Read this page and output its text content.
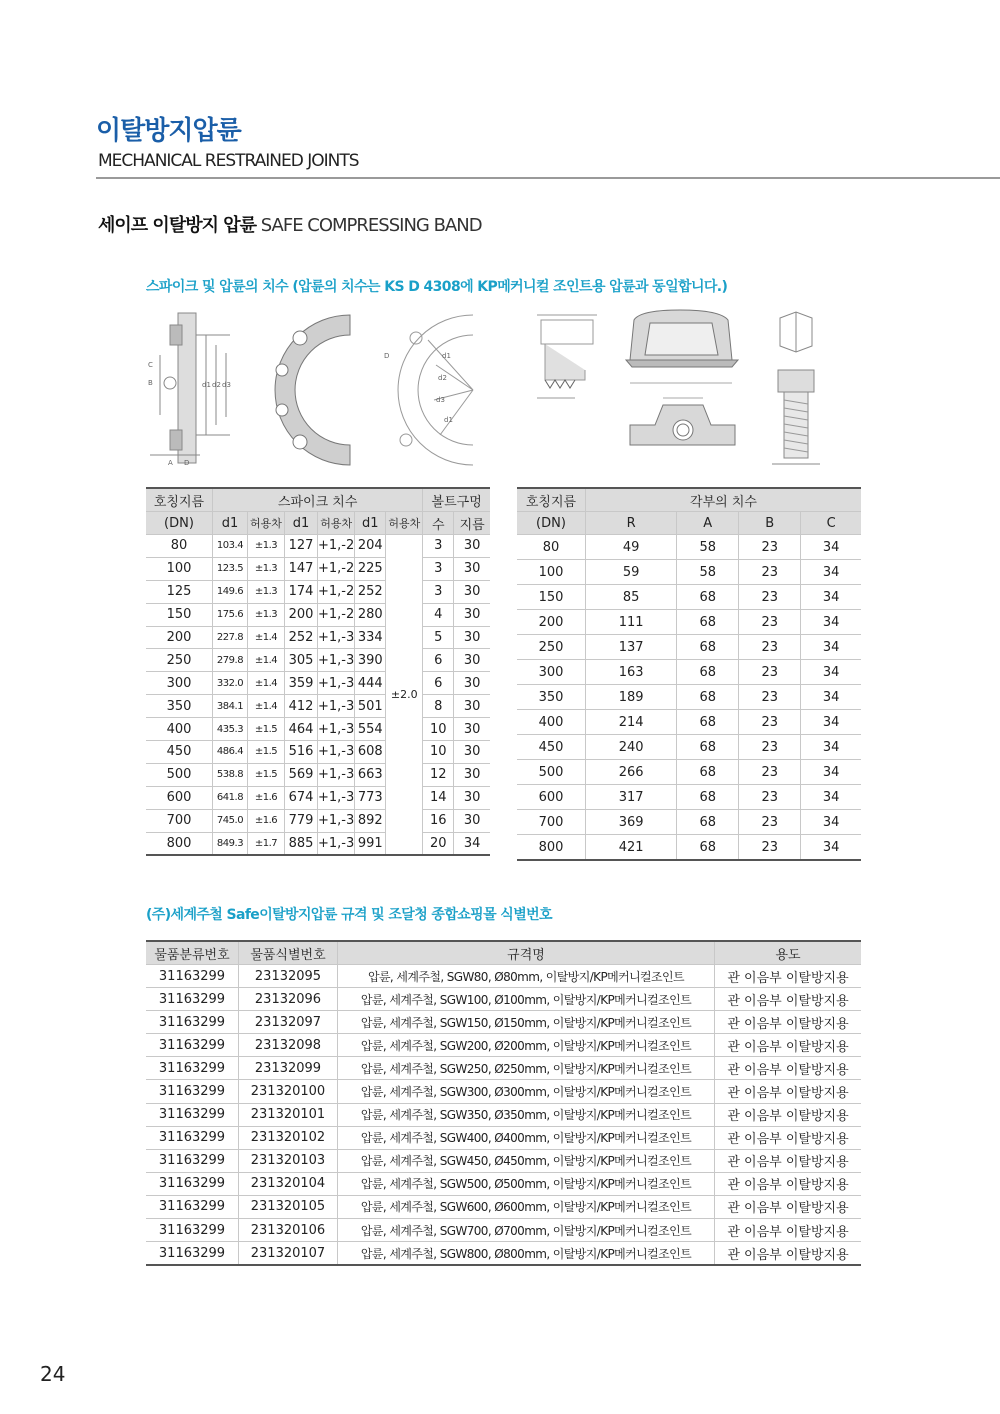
이탈방지압륜
MECHANICAL RESTRAINED JOINTS
세이프 이탈방지 압륜 SAFE COMPRESSING BAND
스파이크 및 압륜의 치수 (압륜의 치수는 KS D 4308에 KP메커니컬 조인트용 압륜과 동일합니다.)
C
B
A D
d1 d2 d3
D	d1
d2
d3
d1
호칭지름	스파이크 치수						볼트구멍	
(DN)	d1	허용차	d1	허용차	d1	허용차	수	지름
80	103.4	±1.3	127	+1,-2	204	±2.0	3	30
100	123.5	±1.3	147	+1,-2	225		3	30
125	149.6	±1.3	174	+1,-2	252		3	30
150	175.6	±1.3	200	+1,-2	280		4	30
200	227.8	±1.4	252	+1,-3	334		5	30
250	279.8	±1.4	305	+1,-3	390		6	30
300	332.0	±1.4	359	+1,-3	444		6	30
350	384.1	±1.4	412	+1,-3	501		8	30
400	435.3	±1.5	464	+1,-3	554		10	30
450	486.4	±1.5	516	+1,-3	608		10	30
500	538.8	±1.5	569	+1,-3	663		12	30
600	641.8	±1.6	674	+1,-3	773		14	30
700	745.0	±1.6	779	+1,-3	892		16	30
800	849.3	±1.7	885	+1,-3	991		20	34
호칭지름	각부의 치수			
(DN)	R	A	B	C
80	49	58	23	34
100	59	58	23	34
150	85	68	23	34
200	111	68	23	34
250	137	68	23	34
300	163	68	23	34
350	189	68	23	34
400	214	68	23	34
450	240	68	23	34
500	266	68	23	34
600	317	68	23	34
700	369	68	23	34
800	421	68	23	34
(주)세계주철 Safe이탈방지압륜 규격 및 조달청 종합쇼핑몰 식별번호
물품분류번호	물품식별번호	규격명	용도
31163299	23132095	압륜, 세계주철, SGW80, Ø80mm, 이탈방지/KP메커니컬조인트	관 이음부 이탈방지용
31163299	23132096	압륜, 세계주철, SGW100, Ø100mm, 이탈방지/KP메커니컬조인트	관 이음부 이탈방지용
31163299	23132097	압륜, 세계주철, SGW150, Ø150mm, 이탈방지/KP메커니컬조인트	관 이음부 이탈방지용
31163299	23132098	압륜, 세계주철, SGW200, Ø200mm, 이탈방지/KP메커니컬조인트	관 이음부 이탈방지용
31163299	23132099	압륜, 세계주철, SGW250, Ø250mm, 이탈방지/KP메커니컬조인트	관 이음부 이탈방지용
31163299	231320100	압륜, 세계주철, SGW300, Ø300mm, 이탈방지/KP메커니컬조인트	관 이음부 이탈방지용
31163299	231320101	압륜, 세계주철, SGW350, Ø350mm, 이탈방지/KP메커니컬조인트	관 이음부 이탈방지용
31163299	231320102	압륜, 세계주철, SGW400, Ø400mm, 이탈방지/KP메커니컬조인트	관 이음부 이탈방지용
31163299	231320103	압륜, 세계주철, SGW450, Ø450mm, 이탈방지/KP메커니컬조인트	관 이음부 이탈방지용
31163299	231320104	압륜, 세계주철, SGW500, Ø500mm, 이탈방지/KP메커니컬조인트	관 이음부 이탈방지용
31163299	231320105	압륜, 세계주철, SGW600, Ø600mm, 이탈방지/KP메커니컬조인트	관 이음부 이탈방지용
31163299	231320106	압륜, 세계주철, SGW700, Ø700mm, 이탈방지/KP메커니컬조인트	관 이음부 이탈방지용
31163299	231320107	압륜, 세계주철, SGW800, Ø800mm, 이탈방지/KP메커니컬조인트	관 이음부 이탈방지용
24
